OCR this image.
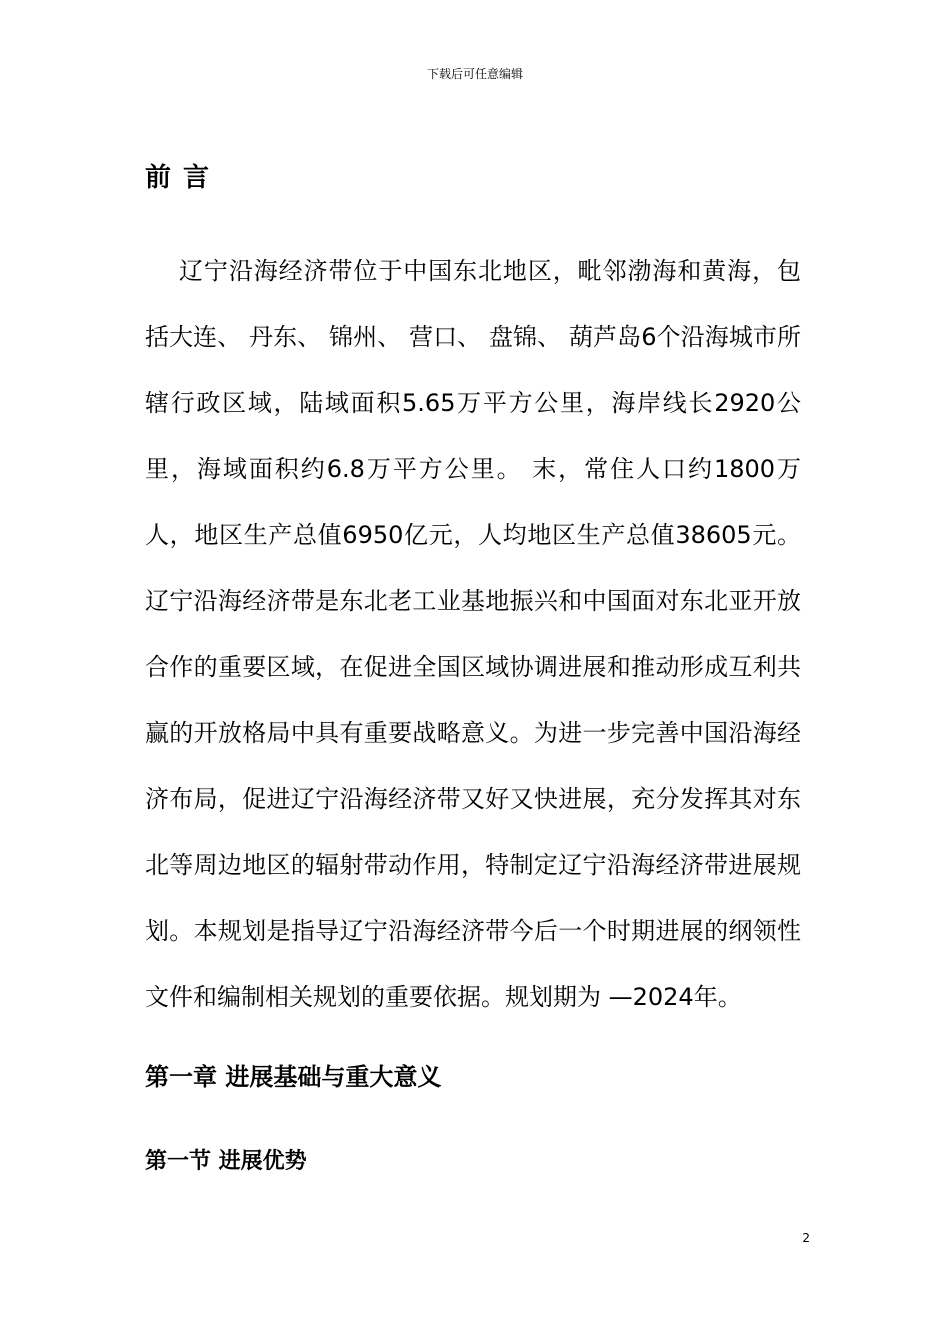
下载后可任意编辑
前言

辽宁沿海经济带位于中国东北地区，毗邻渤海和黄海，包括大连、 丹东、 锦州、 营口、 盘锦、 葫芦岛6个沿海城市所辖行政区域，陆域面积5.65万平方公里，海岸线长2920公里，海域面积约6.8万平方公里。 末，常住人口约1800万人，地区生产总值6950亿元，人均地区生产总值38605元。辽宁沿海经济带是东北老工业基地振兴和中国面对东北亚开放合作的重要区域，在促进全国区域协调进展和推动形成互利共赢的开放格局中具有重要战略意义。为进一步完善中国沿海经济布局，促进辽宁沿海经济带又好又快进展，充分发挥其对东北等周边地区的辐射带动作用，特制定辽宁沿海经济带进展规划。本规划是指导辽宁沿海经济带今后一个时期进展的纲领性文件和编制相关规划的重要依据。规划期为 —2024年。

第一章 进展基础与重大意义
第一节 进展优势
2
